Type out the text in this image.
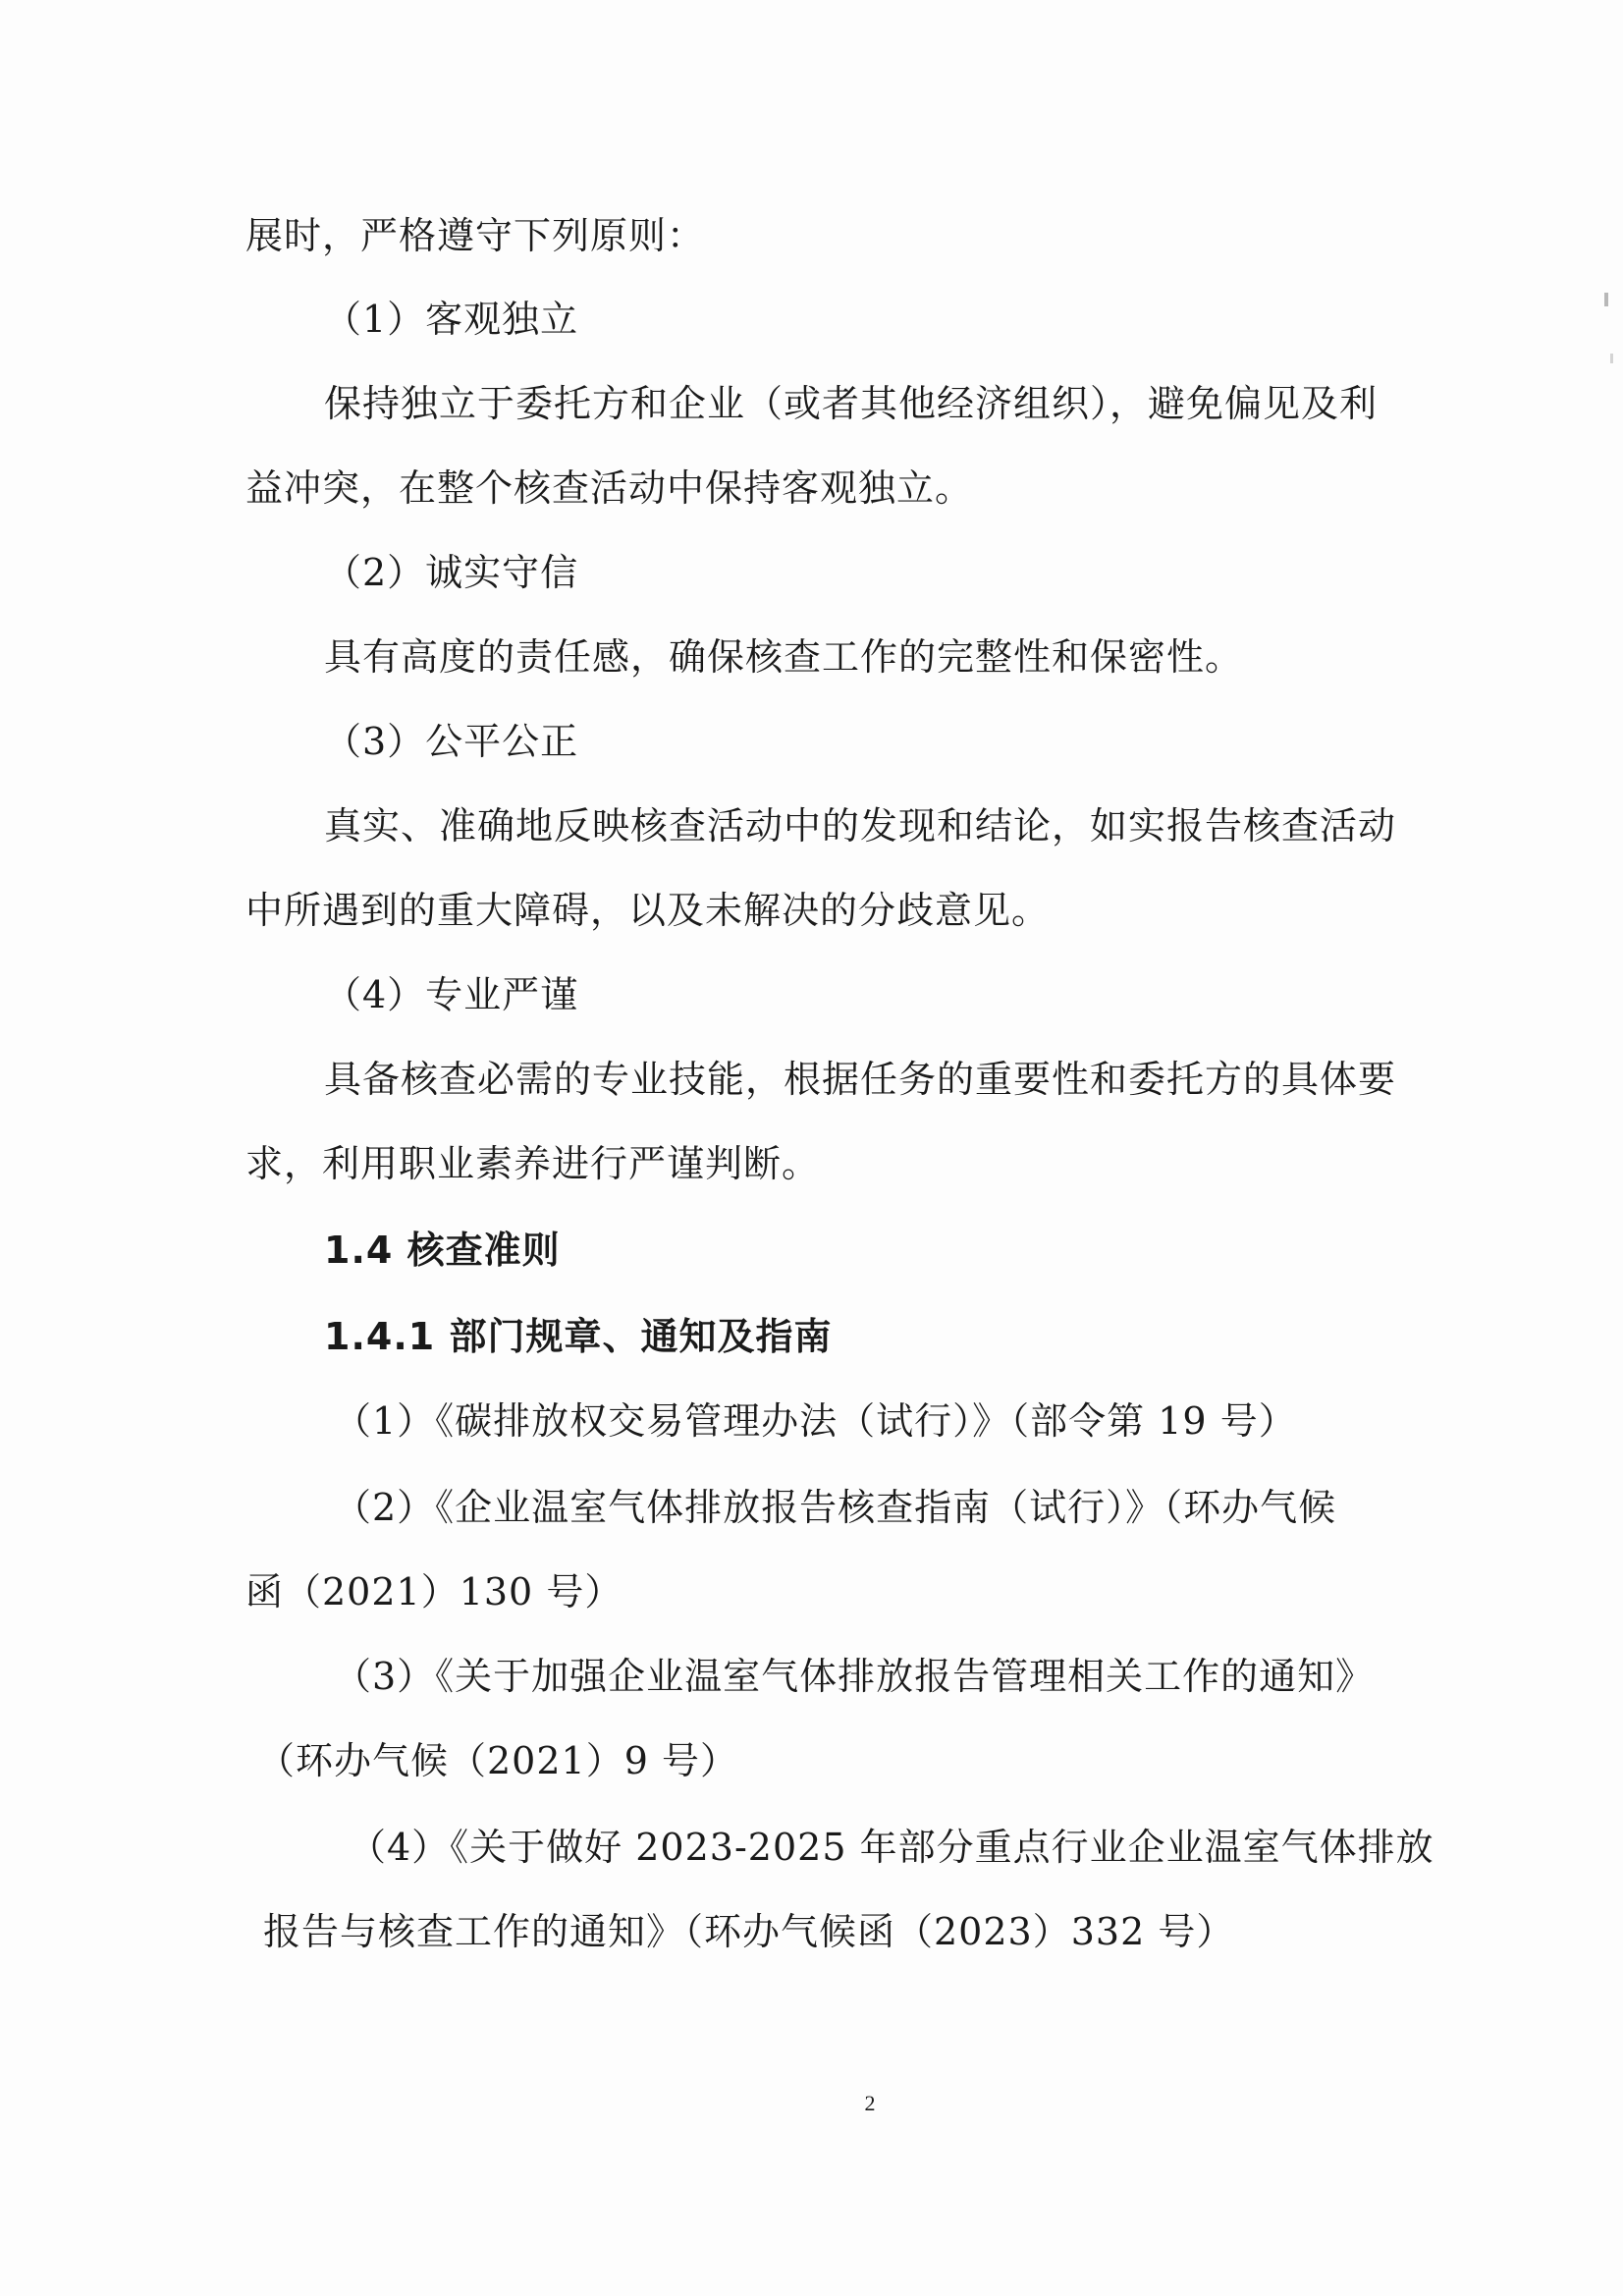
展时，严格遵守下列原则：
（1）客观独立
保持独立于委托方和企业（或者其他经济组织），避免偏见及利
益冲突，在整个核查活动中保持客观独立。
（2）诚实守信
具有高度的责任感，确保核查工作的完整性和保密性。
（3）公平公正
真实、准确地反映核查活动中的发现和结论，如实报告核查活动
中所遇到的重大障碍，以及未解决的分歧意见。
（4）专业严谨
具备核查必需的专业技能，根据任务的重要性和委托方的具体要
求，利用职业素养进行严谨判断。
1.4 核查准则
1.4.1 部门规章、通知及指南
（1）《碳排放权交易管理办法（试行）》（部令第 19 号）
（2）《企业温室气体排放报告核查指南（试行）》（环办气候
函（2021）130 号）
（3）《关于加强企业温室气体排放报告管理相关工作的通知》
（环办气候（2021）9 号）
（4）《关于做好 2023-2025 年部分重点行业企业温室气体排放
报告与核查工作的通知》（环办气候函（2023）332 号）
2
